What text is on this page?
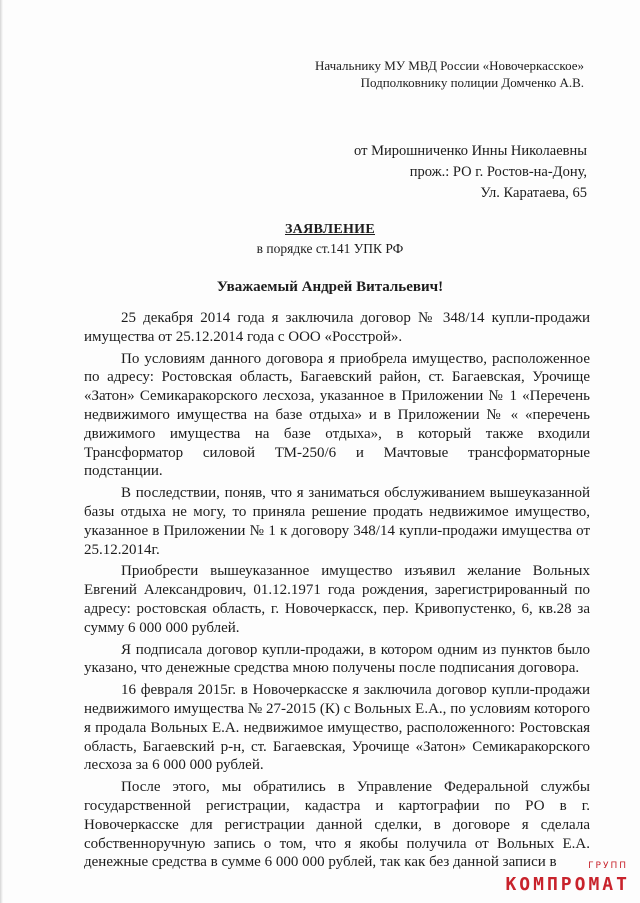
Начальнику МУ МВД России «Новочеркасское»
Подполковнику полиции Домченко А.В.
от Мирошниченко Инны Николаевны
прож.: РО г. Ростов-на-Дону,
Ул. Каратаева, 65
ЗАЯВЛЕНИЕ
в порядке ст.141 УПК РФ
Уважаемый Андрей Витальевич!

25 декабря 2014 года я заключила договор № 348/14 купли-продажи имущества от 25.12.2014 года с ООО «Росстрой».

По условиям данного договора я приобрела имущество, расположенное по адресу: Ростовская область, Багаевский район, ст. Багаевская, Урочище «Затон» Семикаракорского лесхоза, указанное в Приложении № 1 «Перечень недвижимого имущества на базе отдыха» и в Приложении № « «перечень движимого имущества на базе отдыха», в который также входили Трансформатор силовой ТМ-250/6 и Мачтовые трансформаторные подстанции.

В последствии, поняв, что я заниматься обслуживанием вышеуказанной базы отдыха не могу, то приняла решение продать недвижимое имущество, указанное в Приложении № 1 к договору 348/14 купли-продажи имущества от 25.12.2014г.

Приобрести вышеуказанное имущество изъявил желание Вольных Евгений Александрович, 01.12.1971 года рождения, зарегистрированный по адресу: ростовская область, г. Новочеркасск, пер. Кривопустенко, 6, кв.28 за сумму 6 000 000 рублей.

Я подписала договор купли-продажи, в котором одним из пунктов было указано, что денежные средства мною получены после подписания договора.

16 февраля 2015г. в Новочеркасске я заключила договор купли-продажи недвижимого имущества № 27-2015 (К) с Вольных Е.А., по условиям которого я продала Вольных Е.А. недвижимое имущество, расположенного: Ростовская область, Багаевский р-н, ст. Багаевская, Урочище «Затон» Семикаракорского лесхоза за 6 000 000 рублей.

После этого, мы обратились в Управление Федеральной службы государственной регистрации, кадастра и картографии по РО в г. Новочеркасске для регистрации данной сделки, в договоре я сделала собственноручную запись о том, что я якобы получила от Вольных Е.А. денежные средства в сумме 6 000 000 рублей, так как без данной записи в	ГРУПП
КОМПРОМАТ
